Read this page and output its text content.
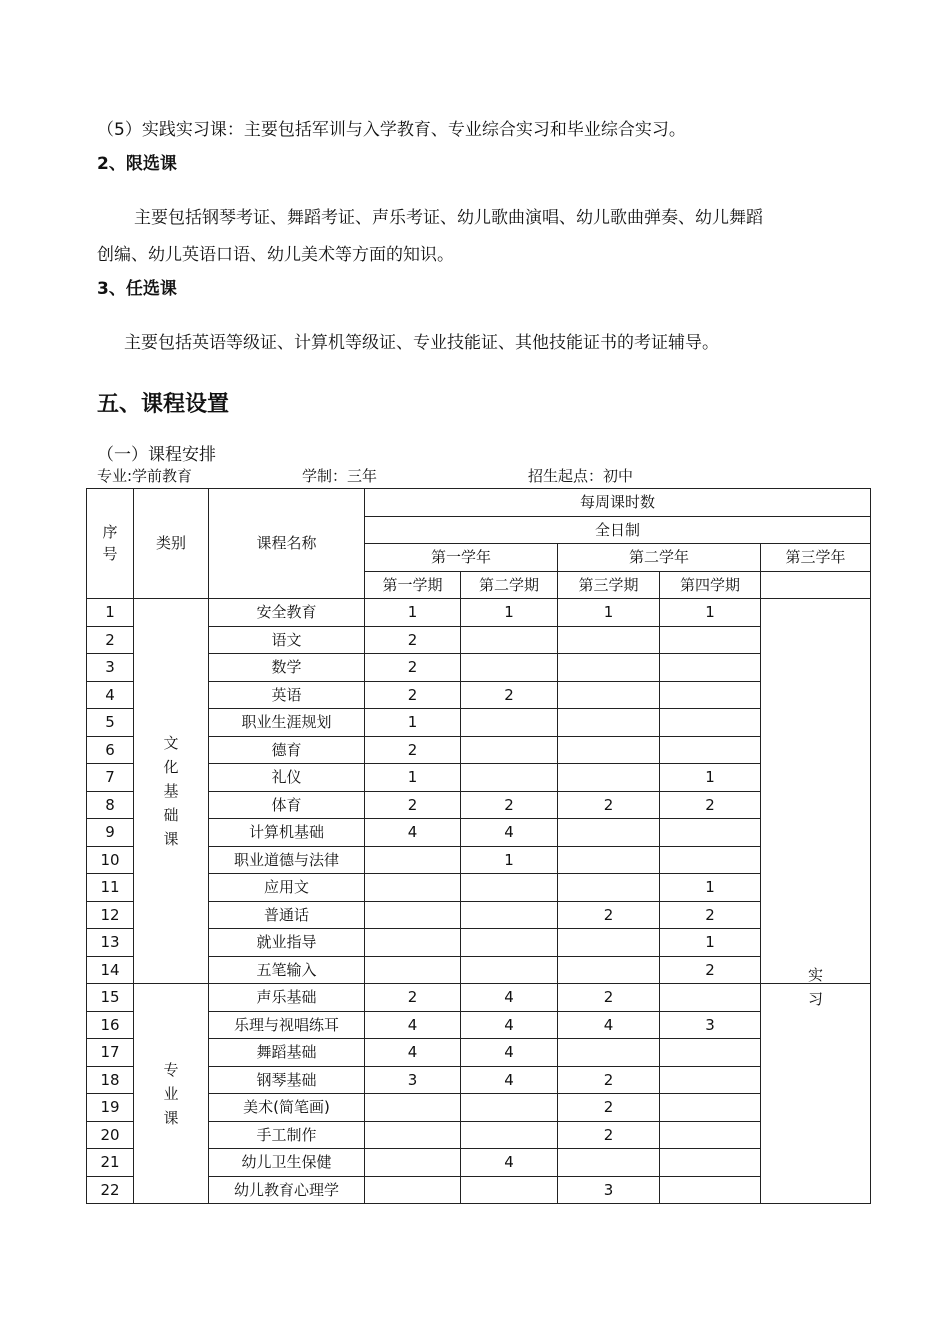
（5）实践实习课：主要包括军训与入学教育、专业综合实习和毕业综合实习。
2、限选课
主要包括钢琴考证、舞蹈考证、声乐考证、幼儿歌曲演唱、幼儿歌曲弹奏、幼儿舞蹈
创编、幼儿英语口语、幼儿美术等方面的知识。
3、任选课
主要包括英语等级证、计算机等级证、专业技能证、其他技能证书的考证辅导。
五、课程设置
（一）课程安排
专业:学前教育	学制：三年	招生起点：初中
序号	类别	课程名称	每周课时数				
			全日制				
			第一学年		第二学年		第三学年
			第一学期	第二学期	第三学期	第四学期	
1	文化基础课	安全教育	1	1	1	1	实习

2		语文	2				
3		数学	2				
4		英语	2	2			
5		职业生涯规划	1				
6		德育	2				
7		礼仪	1			1	
8		体育	2	2	2	2	
9		计算机基础	4	4			
10		职业道德与法律		1			
11		应用文				1	
12		普通话			2	2	
13		就业指导				1	
14		五笔输入				2	
15	专业课	声乐基础	2	4	2		
16		乐理与视唱练耳	4	4	4	3	
17		舞蹈基础	4	4			
18		钢琴基础	3	4	2		
19		美术(简笔画)			2		
20		手工制作			2		
21		幼儿卫生保健		4			
22		幼儿教育心理学			3		
